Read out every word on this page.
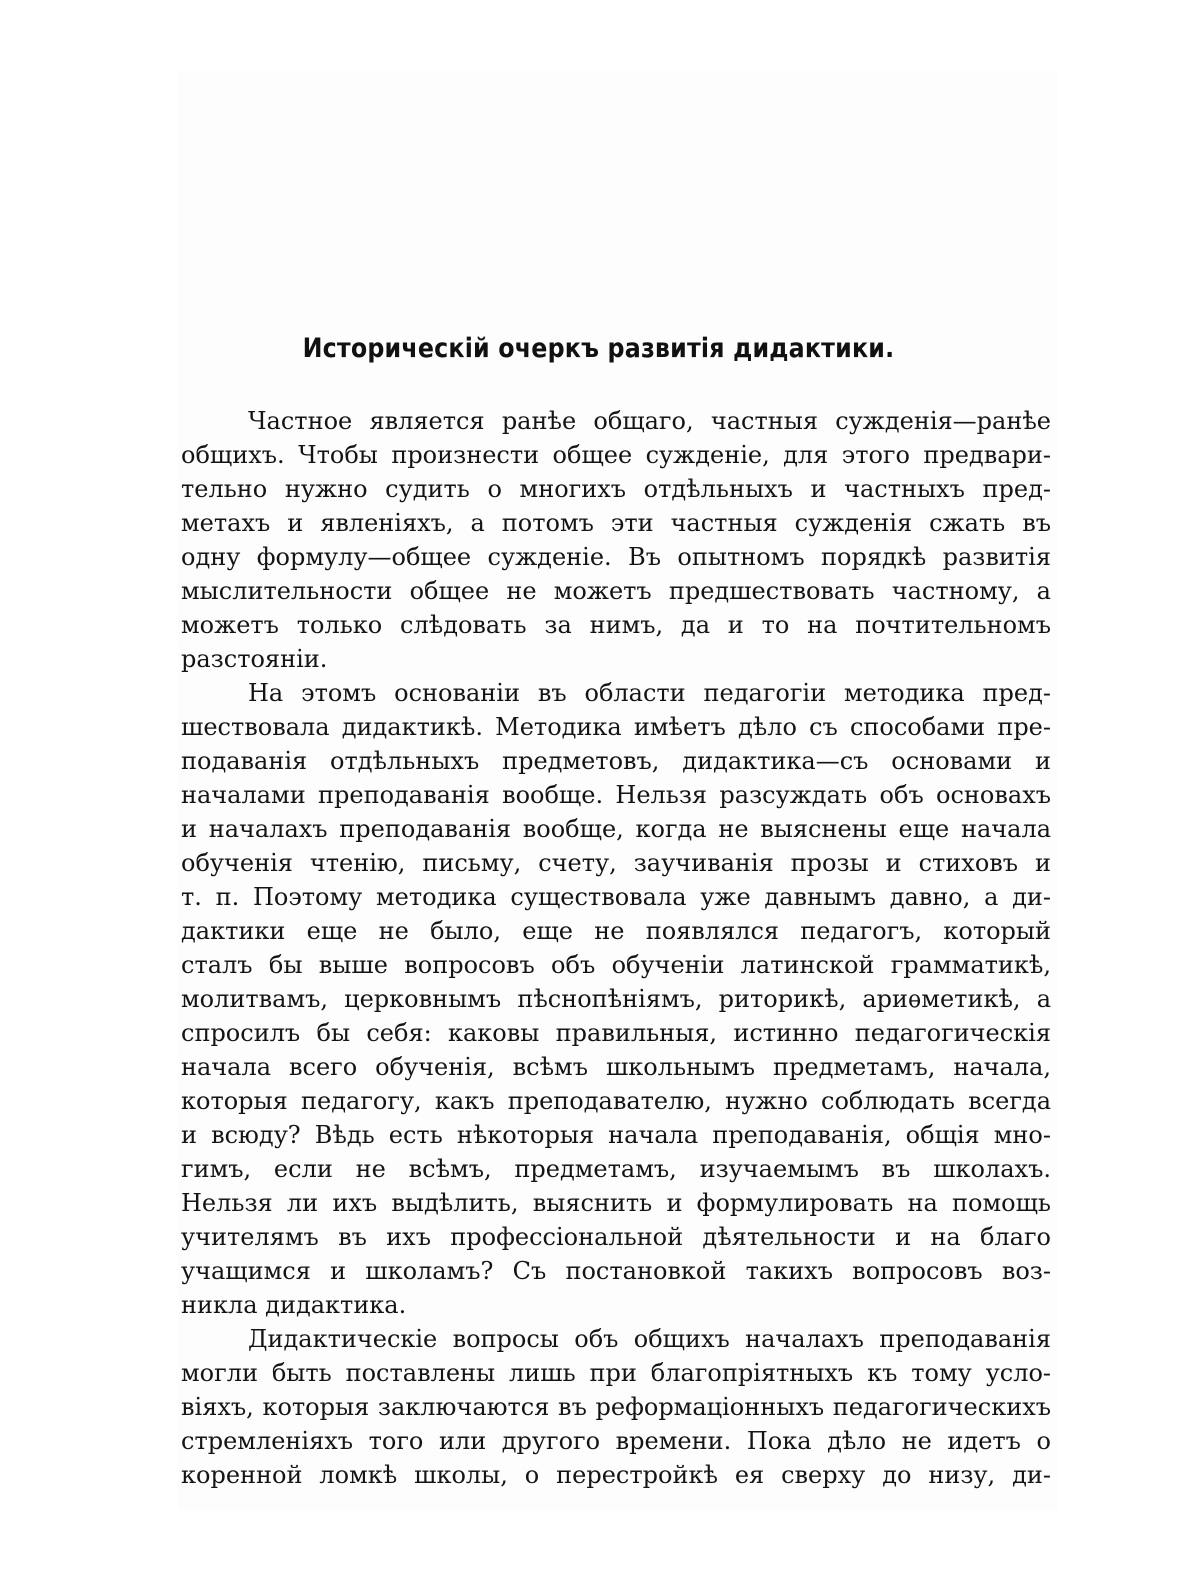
Историческій очеркъ развитія дидактики.
Частное является ранѣе общаго, частныя сужденія—ранѣе
общихъ. Чтобы произнести общее сужденіе, для этого предвари-
тельно нужно судить о многихъ отдѣльныхъ и частныхъ пред-
метахъ и явленіяхъ, а потомъ эти частныя сужденія сжать въ
одну формулу—общее сужденіе. Въ опытномъ порядкѣ развитія
мыслительности общее не можетъ предшествовать частному, а
можетъ только слѣдовать за нимъ, да и то на почтительномъ
разстояніи.
На этомъ основаніи въ области педагогіи методика пред-
шествовала дидактикѣ. Методика имѣетъ дѣло съ способами пре-
подаванія отдѣльныхъ предметовъ, дидактика—съ основами и
началами преподаванія вообще. Нельзя разсуждать объ основахъ
и началахъ преподаванія вообще, когда не выяснены еще начала
обученія чтенію, письму, счету, заучиванія прозы и стиховъ и
т. п. Поэтому методика существовала уже давнымъ давно, а ди-
дактики еще не было, еще не появлялся педагогъ, который
сталъ бы выше вопросовъ объ обученіи латинской грамматикѣ,
молитвамъ, церковнымъ пѣснопѣніямъ, риторикѣ, ариѳметикѣ, а
спросилъ бы себя: каковы правильныя, истинно педагогическія
начала всего обученія, всѣмъ школьнымъ предметамъ, начала,
которыя педагогу, какъ преподавателю, нужно соблюдать всегда
и всюду? Вѣдь есть нѣкоторыя начала преподаванія, общія мно-
гимъ, если не всѣмъ, предметамъ, изучаемымъ въ школахъ.
Нельзя ли ихъ выдѣлить, выяснить и формулировать на помощь
учителямъ въ ихъ профессіональной дѣятельности и на благо
учащимся и школамъ? Съ постановкой такихъ вопросовъ воз-
никла дидактика.
Дидактическіе вопросы объ общихъ началахъ преподаванія
могли быть поставлены лишь при благопріятныхъ къ тому усло-
віяхъ, которыя заключаются въ реформаціонныхъ педагогическихъ
стремленіяхъ того или другого времени. Пока дѣло не идетъ о
коренной ломкѣ школы, о перестройкѣ ея сверху до низу, ди-
